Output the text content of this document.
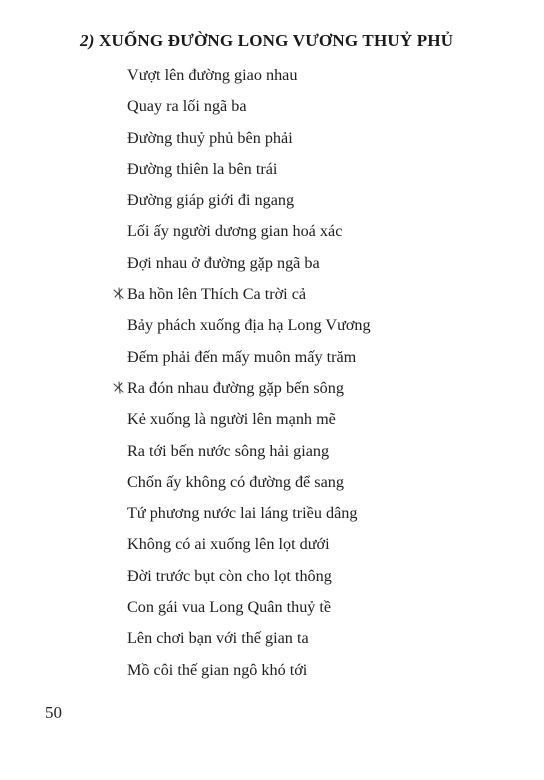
2) XUỐNG ĐƯỜNG LONG VƯƠNG THUỶ PHỦ
Vượt lên đường giao nhau
Quay ra lối ngã ba
Đường thuỷ phủ bên phải
Đường thiên la bên trái
Đường giáp giới đi ngang
Lối ấy người dương gian hoá xác
Đợi nhau ở đường gặp ngã ba
Ba hồn lên Thích Ca trời cả
Bảy phách xuống địa hạ Long Vương
Đếm phải đến mấy muôn mấy trăm
Ra đón nhau đường gặp bến sông
Kẻ xuống là người lên mạnh mẽ
Ra tới bến nước sông hải giang
Chốn ấy không có đường để sang
Tứ phương nước lai láng triều dâng
Không có ai xuống lên lọt dưới
Đời trước bụt còn cho lọt thông
Con gái vua Long Quân thuỷ tề
Lên chơi bạn với thế gian ta
Mồ côi thế gian ngô khó tới
50
